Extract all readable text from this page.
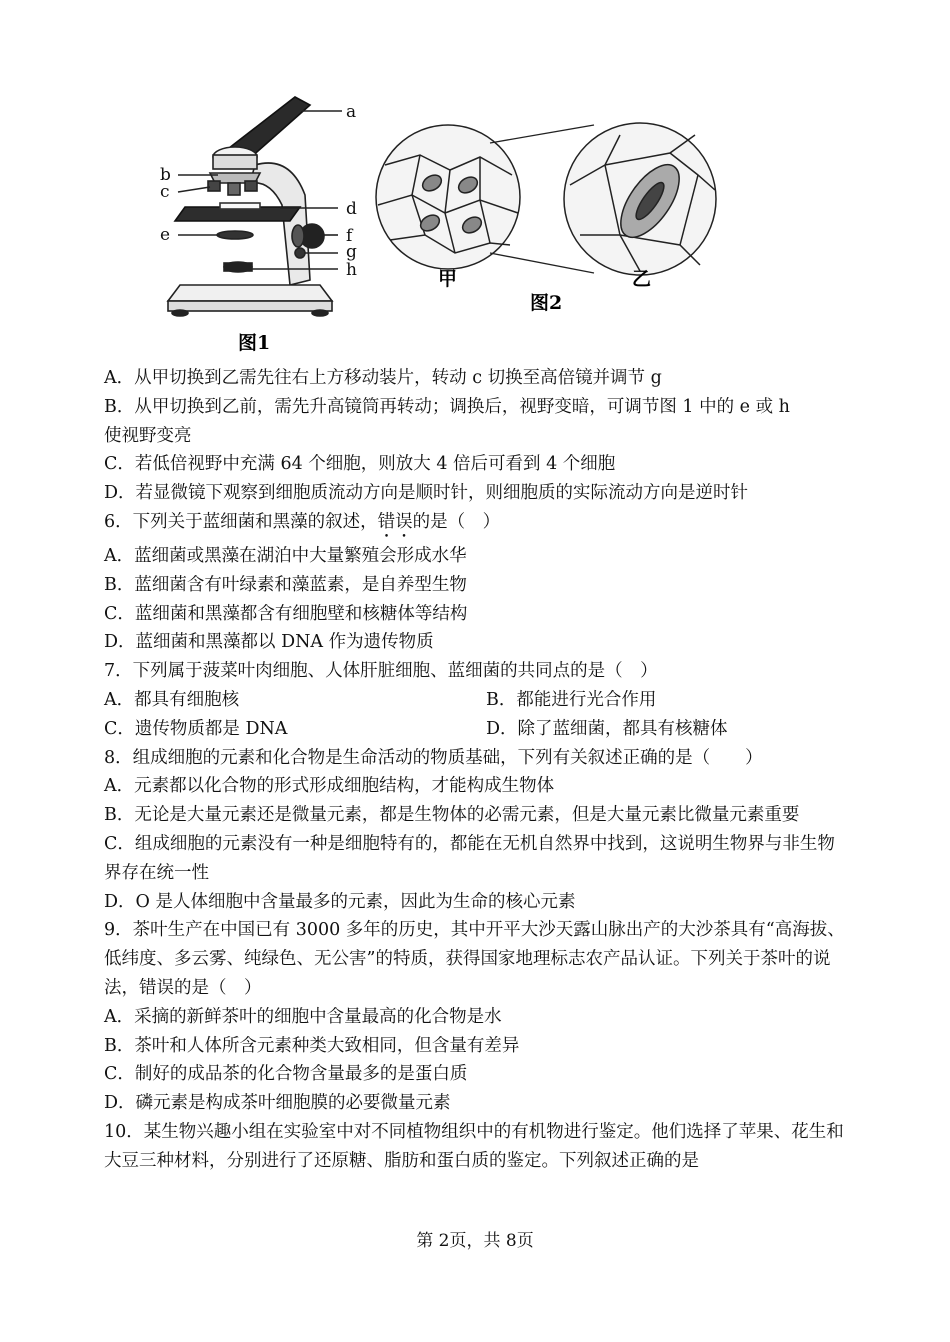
a
b
c
d
e	f
g
h
图1
甲	乙
图2
A．从甲切换到乙需先往右上方移动装片，转动 c 切换至高倍镜并调节 g
B．从甲切换到乙前，需先升高镜筒再转动；调换后，视野变暗，可调节图 1 中的 e 或 h
使视野变亮
C．若低倍视野中充满 64 个细胞，则放大 4 倍后可看到 4 个细胞
D．若显微镜下观察到细胞质流动方向是顺时针，则细胞质的实际流动方向是逆时针
6．下列关于蓝细菌和黑藻的叙述，错误的是（　）
A．蓝细菌或黑藻在湖泊中大量繁殖会形成水华
B．蓝细菌含有叶绿素和藻蓝素，是自养型生物
C．蓝细菌和黑藻都含有细胞壁和核糖体等结构
D．蓝细菌和黑藻都以 DNA 作为遗传物质
7．下列属于菠菜叶肉细胞、人体肝脏细胞、蓝细菌的共同点的是（　）
A．都具有细胞核	B．都能进行光合作用
C．遗传物质都是 DNA	D．除了蓝细菌，都具有核糖体
8．组成细胞的元素和化合物是生命活动的物质基础，下列有关叙述正确的是（　　）
A．元素都以化合物的形式形成细胞结构，才能构成生物体
B．无论是大量元素还是微量元素，都是生物体的必需元素，但是大量元素比微量元素重要
C．组成细胞的元素没有一种是细胞特有的，都能在无机自然界中找到，这说明生物界与非生物界存在统一性
D．O 是人体细胞中含量最多的元素，因此为生命的核心元素
9．茶叶生产在中国已有 3000 多年的历史，其中开平大沙天露山脉出产的大沙茶具有“高海拔、低纬度、多云雾、纯绿色、无公害”的特质，获得国家地理标志农产品认证。下列关于茶叶的说法，错误的是（　）
A．采摘的新鲜茶叶的细胞中含量最高的化合物是水
B．茶叶和人体所含元素种类大致相同，但含量有差异
C．制好的成品茶的化合物含量最多的是蛋白质
D．磷元素是构成茶叶细胞膜的必要微量元素
10．某生物兴趣小组在实验室中对不同植物组织中的有机物进行鉴定。他们选择了苹果、花生和大豆三种材料，分别进行了还原糖、脂肪和蛋白质的鉴定。下列叙述正确的是
第 2页，共 8页
